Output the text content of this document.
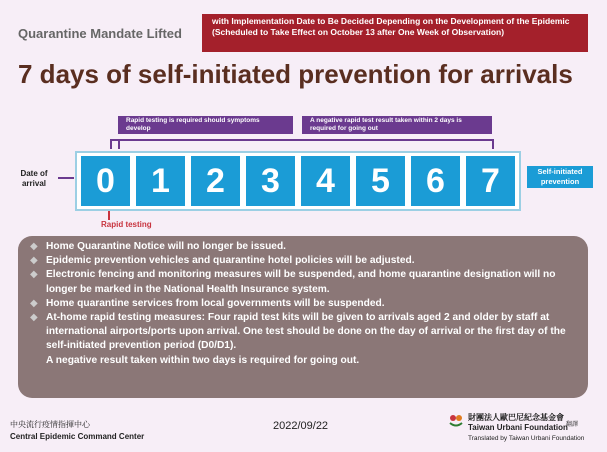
Quarantine Mandate Lifted
with Implementation Date to Be Decided Depending on the Development of the Epidemic (Scheduled to Take Effect on October 13 after One Week of Observation)
7 days of self-initiated prevention for arrivals
Rapid testing is required should symptoms develop
A negative rapid test result taken within 2 days is required for going out
Date of arrival	0	1	2	3	4	5	6	7	Self-initiated prevention
Rapid testing
◆ Home Quarantine Notice will no longer be issued.
◆ Epidemic prevention vehicles and quarantine hotel policies will be adjusted.
◆ Electronic fencing and monitoring measures will be suspended, and home quarantine designation will no longer be marked in the National Health Insurance system.
◆ Home quarantine services from local governments will be suspended.
◆ At-home rapid testing measures: Four rapid test kits will be given to arrivals aged 2 and older by staff at international airports/ports upon arrival. One test should be done on the day of arrival or the first day of the self-initiated prevention period (D0/D1).
A negative result taken within two days is required for going out.
中央流行疫情指揮中心
Central Epidemic Command Center
2022/09/22
財團法人歐巴尼紀念基金會
Taiwan Urbani Foundation
翻譯
Translated by Taiwan Urbani Foundation
